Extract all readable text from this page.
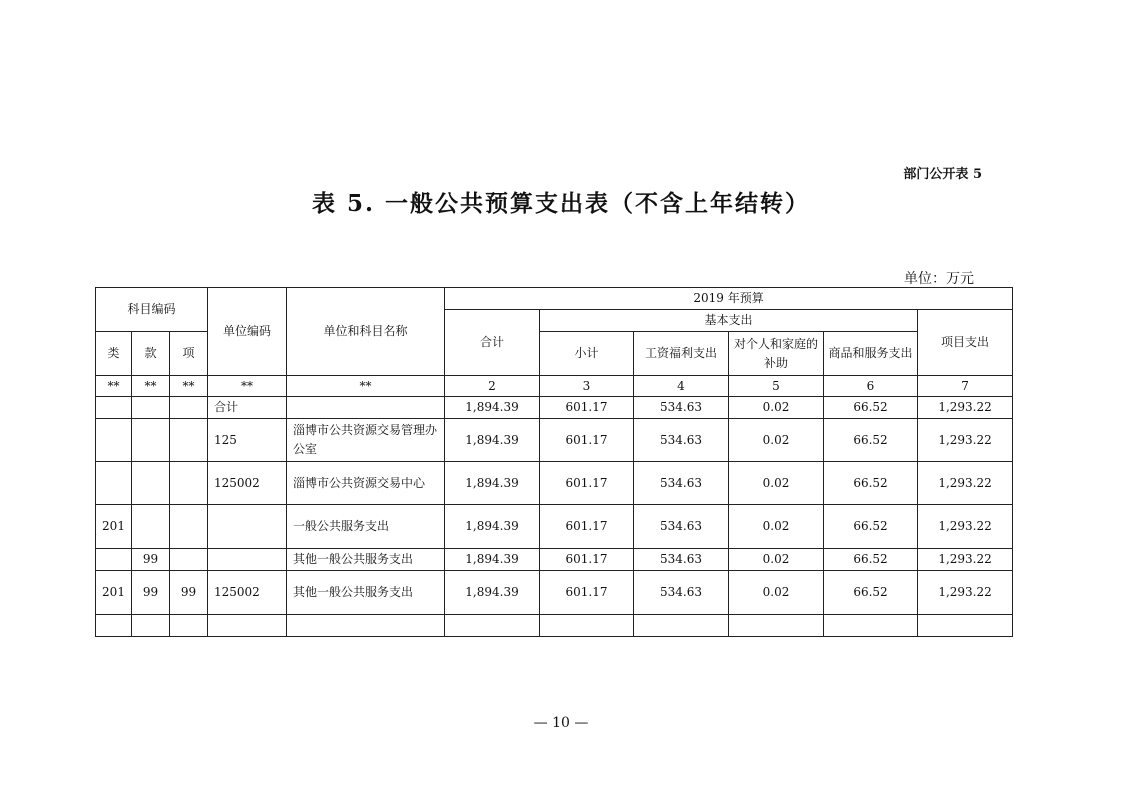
部门公开表 5
表 5. 一般公共预算支出表（不含上年结转）
单位：万元
科目编码			单位编码	单位和科目名称	2019 年预算					
					合计	基本支出				项目支出
类	款	项				小计	工资福利支出	对个人和家庭的补助	商品和服务支出	
**	**	**	**	**	2	3	4	5	6	7
			合计		1,894.39	601.17	534.63	0.02	66.52	1,293.22
			125	淄博市公共资源交易管理办公室	1,894.39	601.17	534.63	0.02	66.52	1,293.22
			125002	淄博市公共资源交易中心	1,894.39	601.17	534.63	0.02	66.52	1,293.22
201				一般公共服务支出	1,894.39	601.17	534.63	0.02	66.52	1,293.22
	99			其他一般公共服务支出	1,894.39	601.17	534.63	0.02	66.52	1,293.22
201	99	99	125002	其他一般公共服务支出	1,894.39	601.17	534.63	0.02	66.52	1,293.22

— 10 —
